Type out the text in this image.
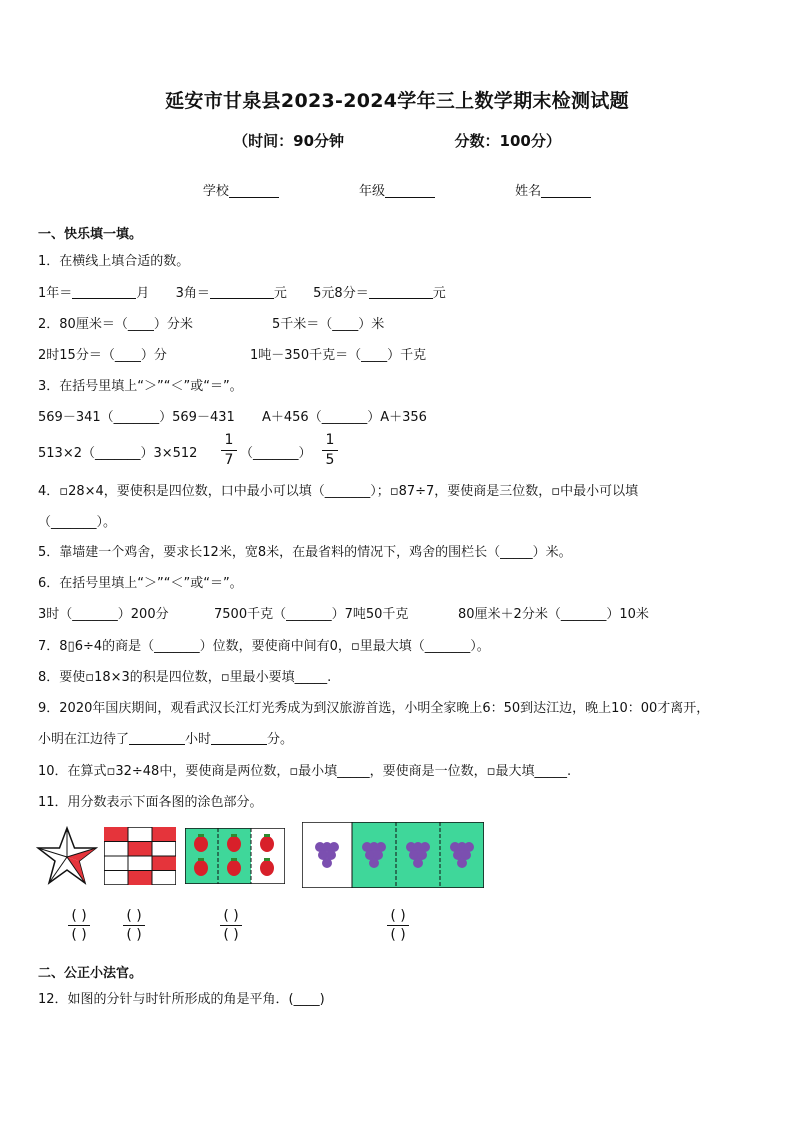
延安市甘泉县2023-2024学年三上数学期末检测试题
（时间：90分钟	分数：100分）
学校	年级	姓名
一、快乐填一填。
1．在横线上填合适的数。
1年＝	月 3角＝	元 5元8分＝	元
2．80厘米＝（____）分米	5千米＝（____）米
2时15分＝（____）分	1吨－350千克＝（____）千克
3．在括号里填上“＞”“＜”或“＝”。
569－341（_______）569－431 A＋456（_______）A＋356
513×2（_______）3×512
1
7 （_______）
1
5
4．▫28×4，要使积是四位数，口中最小可以填（_______）；▫87÷7，要使商是三位数，▫中最小可以填
（_______）。
5．靠墙建一个鸡舍，要求长12米，宽8米，在最省料的情况下，鸡舍的围栏长（_____）米。
6．在括号里填上“＞”“＜”或“＝”。
3时（_______）200分	7500千克（_______）7吨50千克	80厘米＋2分米（_______）10米
7．8▯6÷4的商是（_______）位数，要使商中间有0，▫里最大填（_______）。
8．要使▫18×3的积是四位数，▫里最小要填_____.
9．2020年国庆期间，观看武汉长江灯光秀成为到汉旅游首选，小明全家晚上6：50到达江边，晚上10：00才离开，
小明在江边待了	小时	分。
10．在算式▫32÷48中，要使商是两位数，▫最小填_____，要使商是一位数，▫最大填_____.
11．用分数表示下面各图的涂色部分。
( )
( )
( )
( )
( )
( )
( )
( )
二、公正小法官。
12．如图的分针与时针所形成的角是平角．(____)
